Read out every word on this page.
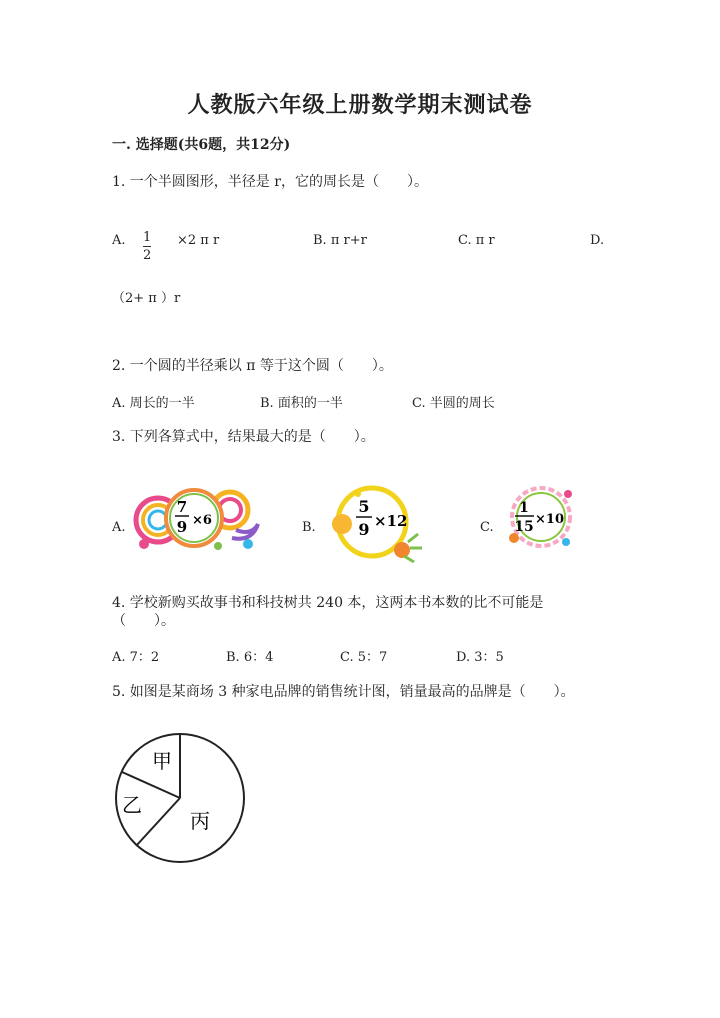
人教版六年级上册数学期末测试卷
一. 选择题(共6题，共12分)
1. 一个半圆图形，半径是 r，它的周长是（　　）。
A. $\frac{1}{2} \times 2$ π r	B. π r+r	C. π r	D.
（2+ π ）r
2. 一个圆的半径乘以 π 等于这个圆（　　）。
A. 周长的一半	B. 面积的一半	C. 半圆的周长
3. 下列各算式中，结果最大的是（　　）。
A.
7
9 ×6	B.
5
9 ×12	C.
1
15 ×10
4. 学校新购买故事书和科技树共 240 本，这两本书本数的比不可能是
（　　）。
A. 7：2	B. 6：4	C. 5：7	D. 3：5
5. 如图是某商场 3 种家电品牌的销售统计图，销量最高的品牌是（　　）。
甲
乙
丙
